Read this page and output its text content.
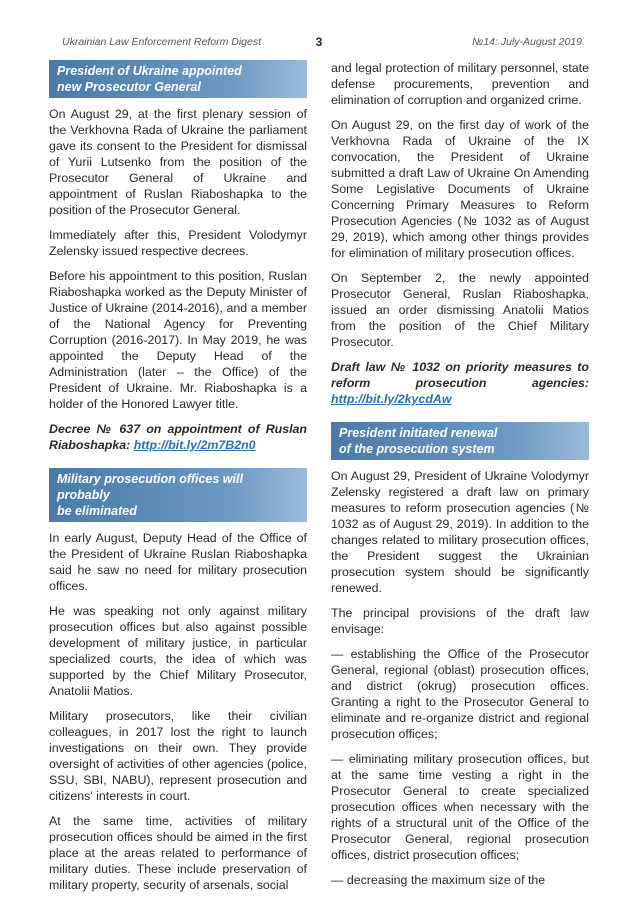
Ukrainian Law Enforcement Reform Digest	3	№14: July-August 2019
President of Ukraine appointed
new Prosecutor General

On August 29, at the first plenary session of the Verkhovna Rada of Ukraine the parliament gave its consent to the President for dismissal of Yurii Lutsenko from the position of the Prosecutor General of Ukraine and appointment of Ruslan Riaboshapka to the position of the Prosecutor General.

Immediately after this, President Volodymyr Zelensky issued respective decrees.

Before his appointment to this position, Ruslan Riaboshapka worked as the Deputy Minister of Justice of Ukraine (2014-2016), and a member of the National Agency for Preventing Corruption (2016-2017). In May 2019, he was appointed the Deputy Head of the Administration (later – the Office) of the President of Ukraine. Mr. Riaboshapka is a holder of the Honored Lawyer title.

Decree № 637 on appointment of Ruslan Riaboshapka: http://bit.ly/2m7B2n0

Military prosecution offices will probably
be eliminated

In early August, Deputy Head of the Office of the President of Ukraine Ruslan Riaboshapka said he saw no need for military prosecution offices.

He was speaking not only against military prosecution offices but also against possible development of military justice, in particular specialized courts, the idea of which was supported by the Chief Military Prosecutor, Anatolii Matios.

Military prosecutors, like their civilian colleagues, in 2017 lost the right to launch investigations on their own. They provide oversight of activities of other agencies (police, SSU, SBI, NABU), represent prosecution and citizens' interests in court.

At the same time, activities of military prosecution offices should be aimed in the first place at the areas related to performance of military duties. These include preservation of military property, security of arsenals, social

and legal protection of military personnel, state defense procurements, prevention and elimination of corruption and organized crime.

On August 29, on the first day of work of the Verkhovna Rada of Ukraine of the IX convocation, the President of Ukraine submitted a draft Law of Ukraine On Amending Some Legislative Documents of Ukraine Concerning Primary Measures to Reform Prosecution Agencies (№ 1032 as of August 29, 2019), which among other things provides for elimination of military prosecution offices.

On September 2, the newly appointed Prosecutor General, Ruslan Riaboshapka, issued an order dismissing Anatolii Matios from the position of the Chief Military Prosecutor.

Draft law № 1032 on priority measures to reform prosecution agencies: http://bit.ly/2kycdAw

President initiated renewal
of the prosecution system

On August 29, President of Ukraine Volodymyr Zelensky registered a draft law on primary measures to reform prosecution agencies (№ 1032 as of August 29, 2019). In addition to the changes related to military prosecution offices, the President suggest the Ukrainian prosecution system should be significantly renewed.

The principal provisions of the draft law envisage:

— establishing the Office of the Prosecutor General, regional (oblast) prosecution offices, and district (okrug) prosecution offices. Granting a right to the Prosecutor General to eliminate and re-organize district and regional prosecution offices;

— eliminating military prosecution offices, but at the same time vesting a right in the Prosecutor General to create specialized prosecution offices when necessary with the rights of a structural unit of the Office of the Prosecutor General, regional prosecution offices, district prosecution offices;

— decreasing the maximum size of the
